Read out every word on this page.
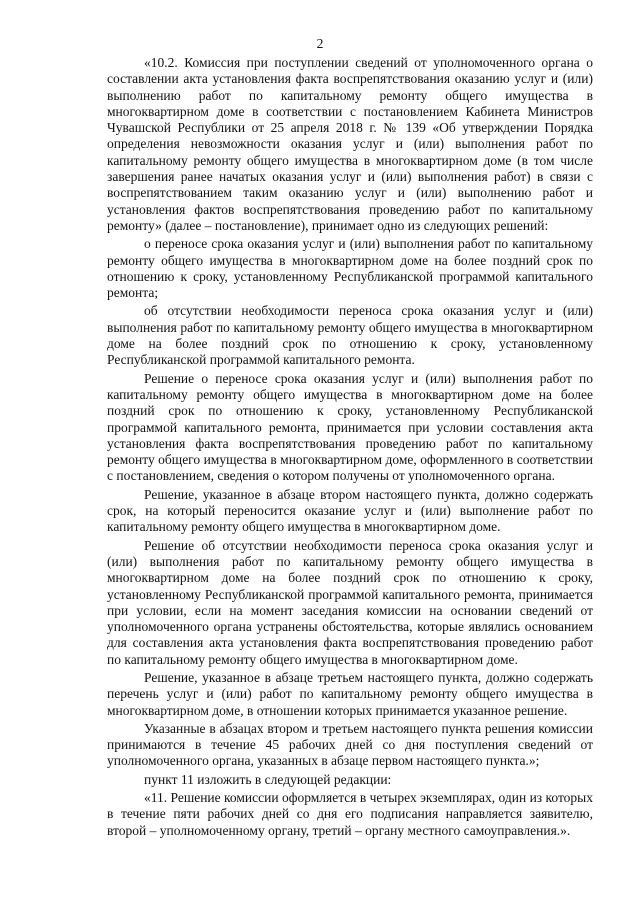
2

«10.2. Комиссия при поступлении сведений от уполномоченного органа о составлении акта установления факта воспрепятствования оказанию услуг и (или) выполнению работ по капитальному ремонту общего имущества в многоквартирном доме в соответствии с постановлением Кабинета Министров Чувашской Республики от 25 апреля 2018 г. № 139 «Об утверждении Порядка определения невозможности оказания услуг и (или) выполнения работ по капитальному ремонту общего имущества в многоквартирном доме (в том числе завершения ранее начатых оказания услуг и (или) выполнения работ) в связи с воспрепятствованием таким оказанию услуг и (или) выполнению работ и установления фактов воспрепятствования проведению работ по капитальному ремонту» (далее – постановление), принимает одно из следующих решений:

о переносе срока оказания услуг и (или) выполнения работ по капитальному ремонту общего имущества в многоквартирном доме на более поздний срок по отношению к сроку, установленному Республиканской программой капитального ремонта;

об отсутствии необходимости переноса срока оказания услуг и (или) выполнения работ по капитальному ремонту общего имущества в многоквартирном доме на более поздний срок по отношению к сроку, установленному Республиканской программой капитального ремонта.

Решение о переносе срока оказания услуг и (или) выполнения работ по капитальному ремонту общего имущества в многоквартирном доме на более поздний срок по отношению к сроку, установленному Республиканской программой капитального ремонта, принимается при условии составления акта установления факта воспрепятствования проведению работ по капитальному ремонту общего имущества в многоквартирном доме, оформленного в соответствии с постановлением, сведения о котором получены от уполномоченного органа.

Решение, указанное в абзаце втором настоящего пункта, должно содержать срок, на который переносится оказание услуг и (или) выполнение работ по капитальному ремонту общего имущества в многоквартирном доме.

Решение об отсутствии необходимости переноса срока оказания услуг и (или) выполнения работ по капитальному ремонту общего имущества в многоквартирном доме на более поздний срок по отношению к сроку, установленному Республиканской программой капитального ремонта, принимается при условии, если на момент заседания комиссии на основании сведений от уполномоченного органа устранены обстоятельства, которые являлись основанием для составления акта установления факта воспрепятствования проведению работ по капитальному ремонту общего имущества в многоквартирном доме.

Решение, указанное в абзаце третьем настоящего пункта, должно содержать перечень услуг и (или) работ по капитальному ремонту общего имущества в многоквартирном доме, в отношении которых принимается указанное решение.

Указанные в абзацах втором и третьем настоящего пункта решения комиссии принимаются в течение 45 рабочих дней со дня поступления сведений от уполномоченного органа, указанных в абзаце первом настоящего пункта.»;

пункт 11 изложить в следующей редакции:

«11. Решение комиссии оформляется в четырех экземплярах, один из которых в течение пяти рабочих дней со дня его подписания направляется заявителю, второй – уполномоченному органу, третий – органу местного самоуправления.».
